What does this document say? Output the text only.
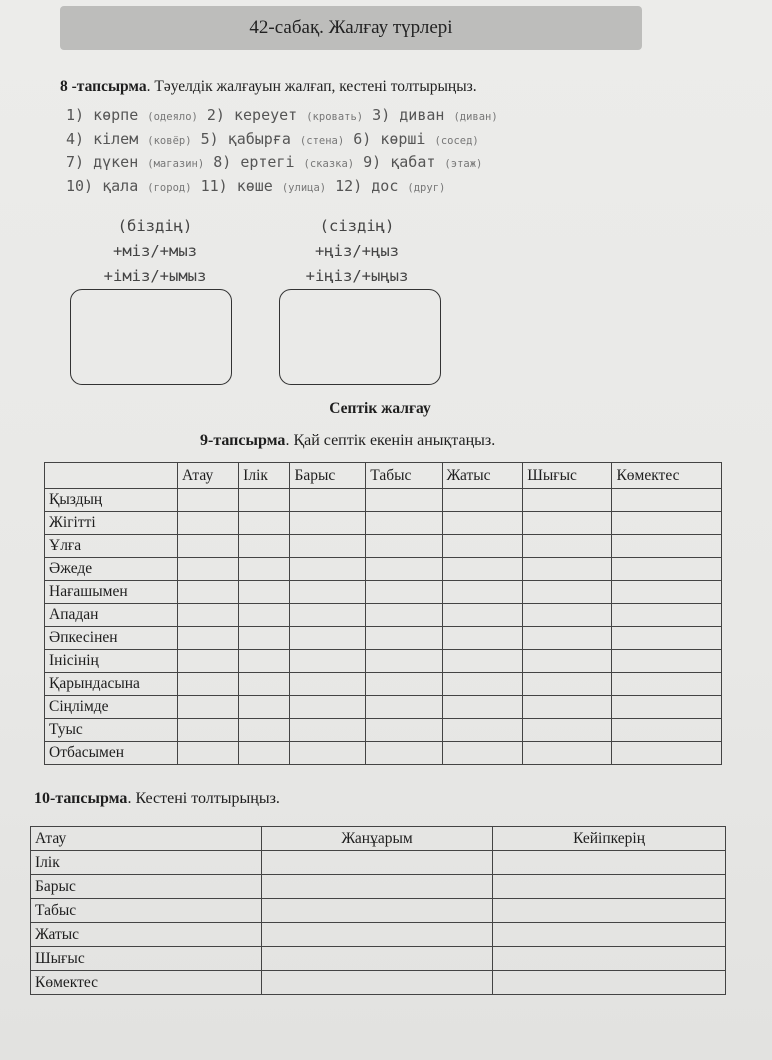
42-сабақ. Жалғау түрлері
8 -тапсырма. Тәуелдік жалғауын жалғап, кестені толтырыңыз.
1) көрпе (одеяло) 2) кереует (кровать) 3) диван (диван)
4) кілем (ковёр) 5) қабырға (стена) 6) көрші (сосед)
7) дүкен (магазин) 8) ертегі (сказка) 9) қабат (этаж)
10) қала (город) 11) көше (улица) 12) дос (друг)
(біздің)
+міз/+мыз
+іміз/+ымыз
(сіздің)
+ңіз/+ңыз
+іңіз/+ыңыз
Септік жалғау
9-тапсырма. Қай септік екенін анықтаңыз.
	Атау	Ілік	Барыс	Табыс	Жатыс	Шығыс	Көмектес
Қыздың							
Жігітті							
Ұлға							
Әжеде							
Нағашымен							
Ападан							
Әпкесінен							
Інісінің							
Қарындасына							
Сіңлімде							
Туыс							
Отбасымен							
10-тапсырма. Кестені толтырыңыз.
Атау	Жанұарым	Кейіпкерің
Ілік		
Барыс		
Табыс		
Жатыс		
Шығыс		
Көмектес		
